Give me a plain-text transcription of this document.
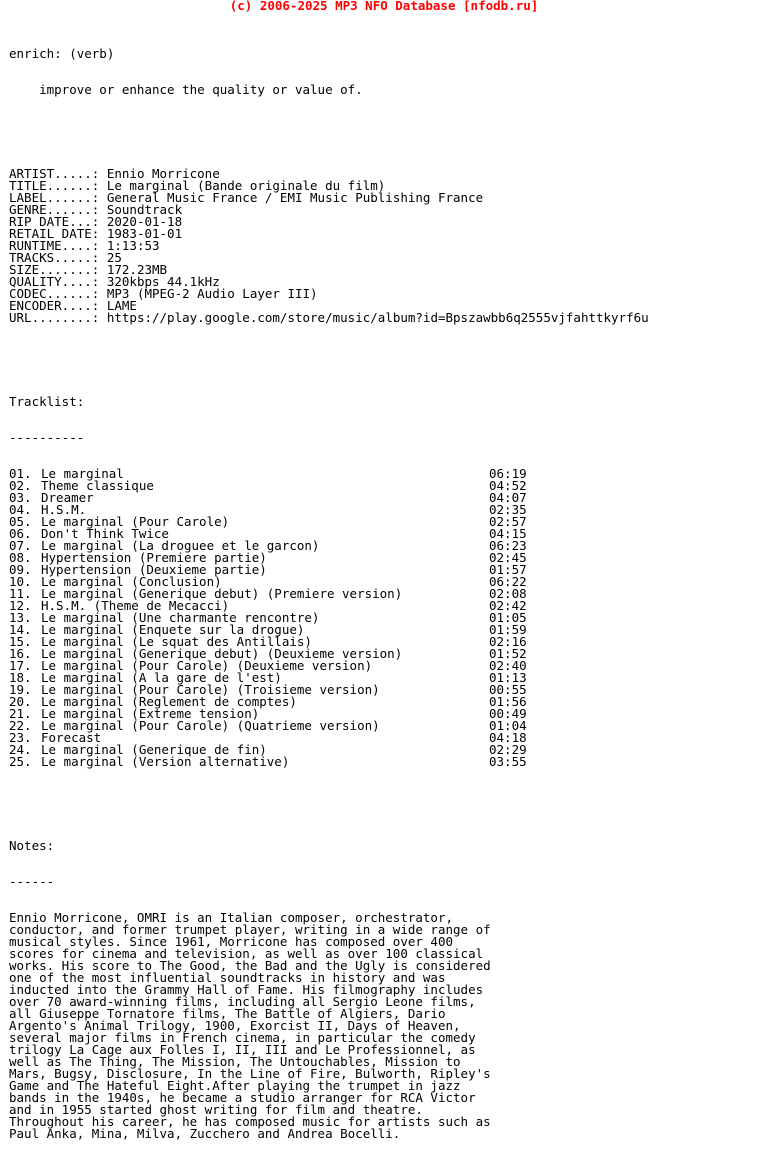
(c) 2006-2025 MP3 NFO Database [nfodb.ru]

enrich: (verb)

improve or enhance the quality or value of.

ARTIST.....: Ennio Morricone
TITLE......: Le marginal (Bande originale du film)
LABEL......: General Music France / EMI Music Publishing France
GENRE......: Soundtrack
RIP DATE...: 2020-01-18
RETAIL DATE: 1983-01-01
RUNTIME....: 1:13:53
TRACKS.....: 25
SIZE.......: 172.23MB
QUALITY....: 320kbps 44.1kHz
CODEC......: MP3 (MPEG-2 Audio Layer III)
ENCODER....: LAME
URL........: https://play.google.com/store/music/album?id=Bpszawbb6q2555vjfahttkyrf6u

Tracklist:

----------

01. Le marginal	06:19
02. Theme classique	04:52
03. Dreamer	04:07
04. H.S.M.	02:35
05. Le marginal (Pour Carole)	02:57
06. Don't Think Twice	04:15
07. Le marginal (La droguee et le garcon)	06:23
08. Hypertension (Premiere partie)	02:45
09. Hypertension (Deuxieme partie)	01:57
10. Le marginal (Conclusion)	06:22
11. Le marginal (Generique debut) (Premiere version)	02:08
12. H.S.M. (Theme de Mecacci)	02:42
13. Le marginal (Une charmante rencontre)	01:05
14. Le marginal (Enquete sur la drogue)	01:59
15. Le marginal (Le squat des Antillais)	02:16
16. Le marginal (Generique debut) (Deuxieme version)	01:52
17. Le marginal (Pour Carole) (Deuxieme version)	02:40
18. Le marginal (A la gare de l'est)	01:13
19. Le marginal (Pour Carole) (Troisieme version)	00:55
20. Le marginal (Reglement de comptes)	01:56
21. Le marginal (Extreme tension)	00:49
22. Le marginal (Pour Carole) (Quatrieme version)	01:04
23. Forecast	04:18
24. Le marginal (Generique de fin)	02:29
25. Le marginal (Version alternative)	03:55

Notes:

------

Ennio Morricone, OMRI is an Italian composer, orchestrator,
conductor, and former trumpet player, writing in a wide range of
musical styles. Since 1961, Morricone has composed over 400
scores for cinema and television, as well as over 100 classical
works. His score to The Good, the Bad and the Ugly is considered
one of the most influential soundtracks in history and was
inducted into the Grammy Hall of Fame. His filmography includes
over 70 award-winning films, including all Sergio Leone films,
all Giuseppe Tornatore films, The Battle of Algiers, Dario
Argento's Animal Trilogy, 1900, Exorcist II, Days of Heaven,
several major films in French cinema, in particular the comedy
trilogy La Cage aux Folles I, II, III and Le Professionnel, as
well as The Thing, The Mission, The Untouchables, Mission to
Mars, Bugsy, Disclosure, In the Line of Fire, Bulworth, Ripley's
Game and The Hateful Eight.After playing the trumpet in jazz
bands in the 1940s, he became a studio arranger for RCA Victor
and in 1955 started ghost writing for film and theatre.
Throughout his career, he has composed music for artists such as
Paul Anka, Mina, Milva, Zucchero and Andrea Bocelli.
